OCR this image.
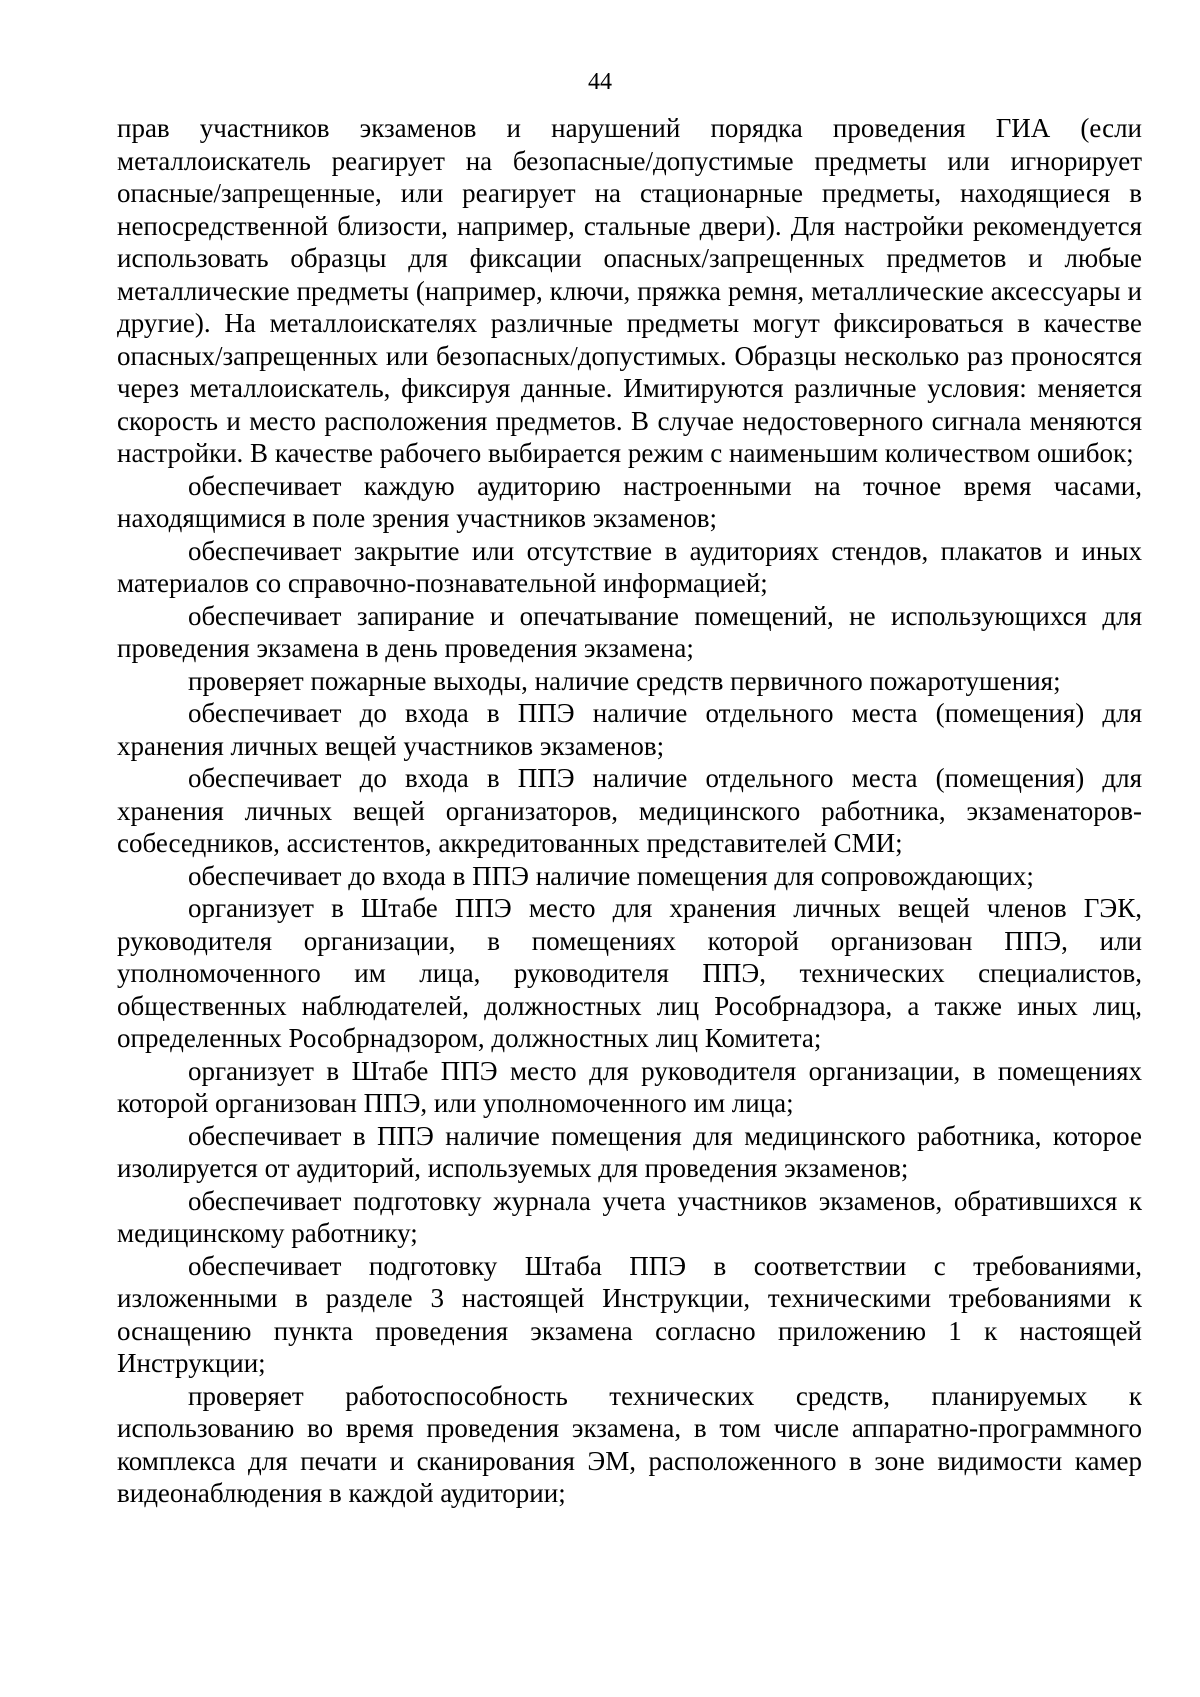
44

прав участников экзаменов и нарушений порядка проведения ГИА (если металлоискатель реагирует на безопасные/допустимые предметы или игнорирует опасные/запрещенные, или реагирует на стационарные предметы, находящиеся в непосредственной близости, например, стальные двери). Для настройки рекомендуется использовать образцы для фиксации опасных/запрещенных предметов и любые металлические предметы (например, ключи, пряжка ремня, металлические аксессуары и другие). На металлоискателях различные предметы могут фиксироваться в качестве опасных/запрещенных или безопасных/допустимых. Образцы несколько раз проносятся через металлоискатель, фиксируя данные. Имитируются различные условия: меняется скорость и место расположения предметов. В случае недостоверного сигнала меняются настройки. В качестве рабочего выбирается режим с наименьшим количеством ошибок;

обеспечивает каждую аудиторию настроенными на точное время часами, находящимися в поле зрения участников экзаменов;

обеспечивает закрытие или отсутствие в аудиториях стендов, плакатов и иных материалов со справочно-познавательной информацией;

обеспечивает запирание и опечатывание помещений, не использующихся для проведения экзамена в день проведения экзамена;

проверяет пожарные выходы, наличие средств первичного пожаротушения;

обеспечивает до входа в ППЭ наличие отдельного места (помещения) для хранения личных вещей участников экзаменов;

обеспечивает до входа в ППЭ наличие отдельного места (помещения) для хранения личных вещей организаторов, медицинского работника, экзаменаторов-собеседников, ассистентов, аккредитованных представителей СМИ;

обеспечивает до входа в ППЭ наличие помещения для сопровождающих;

организует в Штабе ППЭ место для хранения личных вещей членов ГЭК, руководителя организации, в помещениях которой организован ППЭ, или уполномоченного им лица, руководителя ППЭ, технических специалистов, общественных наблюдателей, должностных лиц Рособрнадзора, а также иных лиц, определенных Рособрнадзором, должностных лиц Комитета;

организует в Штабе ППЭ место для руководителя организации, в помещениях которой организован ППЭ, или уполномоченного им лица;

обеспечивает в ППЭ наличие помещения для медицинского работника, которое изолируется от аудиторий, используемых для проведения экзаменов;

обеспечивает подготовку журнала учета участников экзаменов, обратившихся к медицинскому работнику;

обеспечивает подготовку Штаба ППЭ в соответствии с требованиями, изложенными в разделе 3 настоящей Инструкции, техническими требованиями к оснащению пункта проведения экзамена согласно приложению 1 к настоящей Инструкции;

проверяет работоспособность технических средств, планируемых к использованию во время проведения экзамена, в том числе аппаратно-программного комплекса для печати и сканирования ЭМ, расположенного в зоне видимости камер видеонаблюдения в каждой аудитории;
